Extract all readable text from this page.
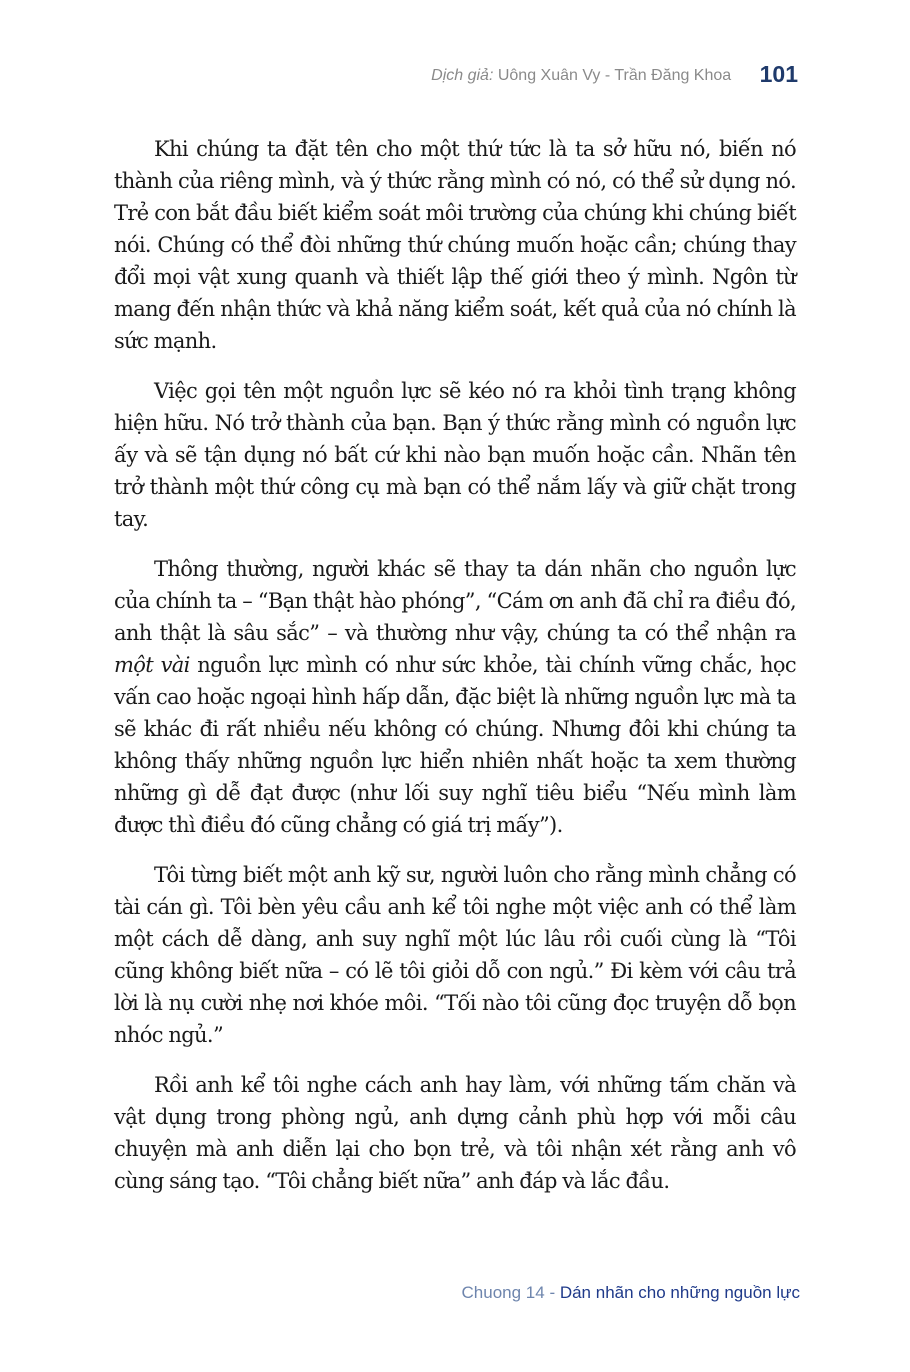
Dịch giả: Uông Xuân Vy - Trần Đăng Khoa 101

Khi chúng ta đặt tên cho một thứ tức là ta sở hữu nó, biến nó thành của riêng mình, và ý thức rằng mình có nó, có thể sử dụng nó. Trẻ con bắt đầu biết kiểm soát môi trường của chúng khi chúng biết nói. Chúng có thể đòi những thứ chúng muốn hoặc cần; chúng thay đổi mọi vật xung quanh và thiết lập thế giới theo ý mình. Ngôn từ mang đến nhận thức và khả năng kiểm soát, kết quả của nó chính là sức mạnh.

Việc gọi tên một nguồn lực sẽ kéo nó ra khỏi tình trạng không hiện hữu. Nó trở thành của bạn. Bạn ý thức rằng mình có nguồn lực ấy và sẽ tận dụng nó bất cứ khi nào bạn muốn hoặc cần. Nhãn tên trở thành một thứ công cụ mà bạn có thể nắm lấy và giữ chặt trong tay.

Thông thường, người khác sẽ thay ta dán nhãn cho nguồn lực của chính ta – “Bạn thật hào phóng”, “Cám ơn anh đã chỉ ra điều đó, anh thật là sâu sắc” – và thường như vậy, chúng ta có thể nhận ra một vài nguồn lực mình có như sức khỏe, tài chính vững chắc, học vấn cao hoặc ngoại hình hấp dẫn, đặc biệt là những nguồn lực mà ta sẽ khác đi rất nhiều nếu không có chúng. Nhưng đôi khi chúng ta không thấy những nguồn lực hiển nhiên nhất hoặc ta xem thường những gì dễ đạt được (như lối suy nghĩ tiêu biểu “Nếu mình làm được thì điều đó cũng chẳng có giá trị mấy”).

Tôi từng biết một anh kỹ sư, người luôn cho rằng mình chẳng có tài cán gì. Tôi bèn yêu cầu anh kể tôi nghe một việc anh có thể làm một cách dễ dàng, anh suy nghĩ một lúc lâu rồi cuối cùng là “Tôi cũng không biết nữa – có lẽ tôi giỏi dỗ con ngủ.” Đi kèm với câu trả lời là nụ cười nhẹ nơi khóe môi. “Tối nào tôi cũng đọc truyện dỗ bọn nhóc ngủ.”

Rồi anh kể tôi nghe cách anh hay làm, với những tấm chăn và vật dụng trong phòng ngủ, anh dựng cảnh phù hợp với mỗi câu chuyện mà anh diễn lại cho bọn trẻ, và tôi nhận xét rằng anh vô cùng sáng tạo. “Tôi chẳng biết nữa” anh đáp và lắc đầu.

Chuong 14 - Dán nhãn cho những nguồn lực
